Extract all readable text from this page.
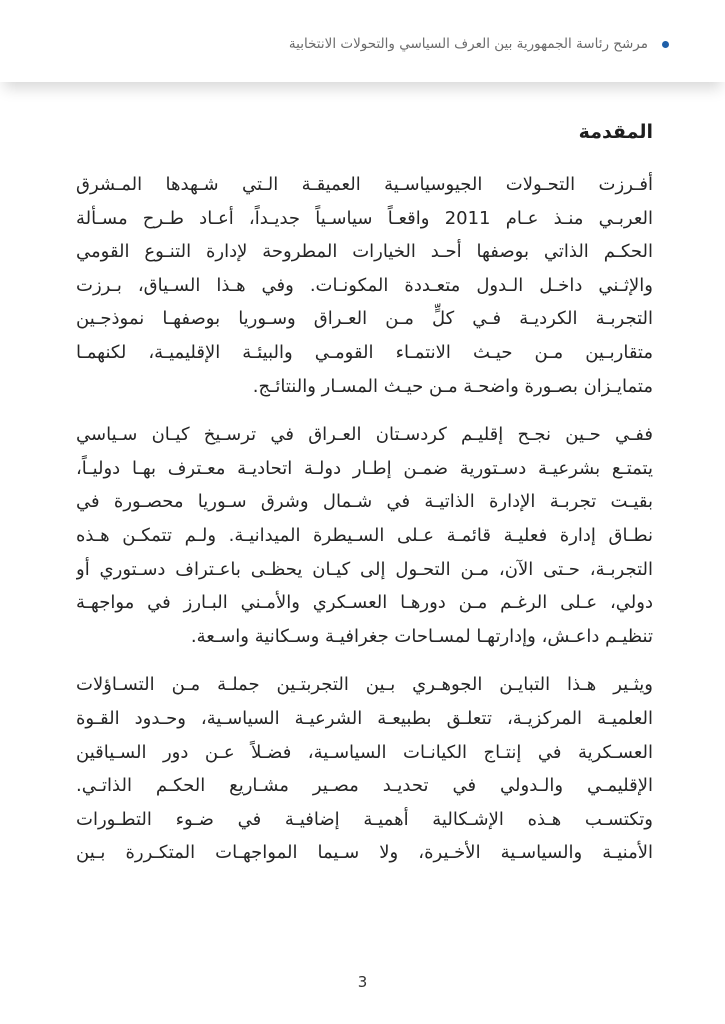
مرشح رئاسة الجمهورية بين العرف السياسي والتحولات الانتخابية
المقدمة

أفـرزت التحـولات الجيوسياسـية العميقـة الـتي شـهدها المـشرق
العربـي منـذ عـام 2011 واقعـاً سياسـياً جديـداً، أعـاد طـرح مسـألة
الحكـم الذاتي بوصفها أحـد الخيارات المطروحة لإدارة التنـوع القومي
والإثـني داخـل الـدول متعـددة المكونـات. وفي هـذا السـياق، بـرزت
التجربـة الكرديـة فـي كلٍّ مـن العـراق وسـوريا بوصفهـا نموذجـين
متقاربـين مـن حيـث الانتمـاء القومـي والبيئـة الإقليميـة، لكنهمـا
متمايـزان بصـورة واضحـة مـن حيـث المسـار والنتائـج.

ففـي حـين نجـح إقليـم كردسـتان العـراق في ترسـيخ كيـان سـياسي
يتمتـع بشرعيـة دسـتورية ضمـن إطـار دولـة اتحاديـة معـترف بهـا دوليـاً،
بقيـت تجربـة الإدارة الذاتيـة في شـمال وشرق سـوريا محصـورة في
نطـاق إدارة فعليـة قائمـة عـلى السـيطرة الميدانيـة. ولـم تتمكـن هـذه
التجربـة، حـتى الآن، مـن التحـول إلى كيـان يحظـى باعـتراف دسـتوري أو
دولي، عـلى الرغـم مـن دورهـا العسـكري والأمـني البـارز في مواجهـة
تنظيـم داعـش، وإدارتهـا لمسـاحات جغرافيـة وسـكانية واسـعة.

ويثـير هـذا التبايـن الجوهـري بـين التجربتـين جملـة مـن التسـاؤلات
العلميـة المركزيـة، تتعلـق بطبيعـة الشرعيـة السياسـية، وحـدود القـوة
العسـكرية في إنتـاج الكيانـات السياسـية، فضـلاً عـن دور السـياقين
الإقليمـي والـدولي في تحديـد مصـير مشـاريع الحكـم الذاتـي.
وتكتسـب هـذه الإشـكالية أهميـة إضافيـة في ضـوء التطـورات
الأمنيـة والسياسـية الأخـيرة، ولا سـيما المواجهـات المتكـررة بـين

3
